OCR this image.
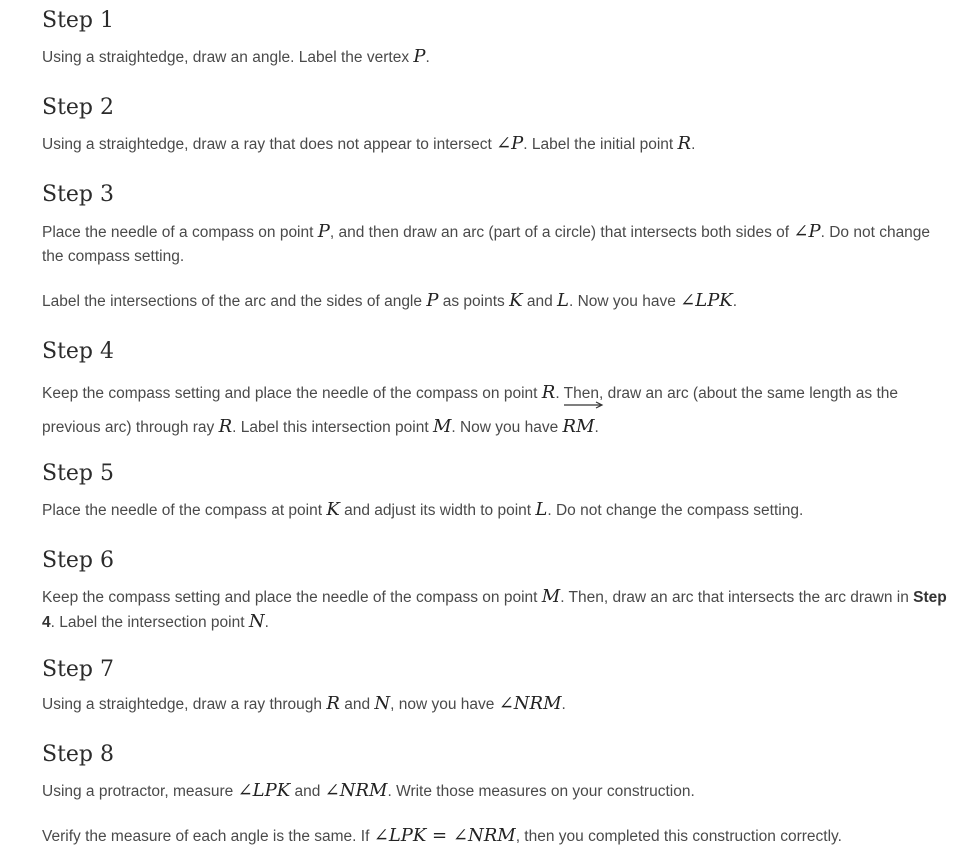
Step 1

Using a straightedge, draw an angle. Label the vertex P.

Step 2

Using a straightedge, draw a ray that does not appear to intersect ∠P. Label the initial point R.

Step 3

Place the needle of a compass on point P, and then draw an arc (part of a circle) that intersects both sides of ∠P. Do not change the compass setting.

Label the intersections of the arc and the sides of angle P as points K and L. Now you have ∠LPK.

Step 4

Keep the compass setting and place the needle of the compass on point R. Then, draw an arc (about the same length as the previous arc) through ray R. Label this intersection point M. Now you have
RM.

Step 5

Place the needle of the compass at point K and adjust its width to point L. Do not change the compass setting.

Step 6

Keep the compass setting and place the needle of the compass on point M. Then, draw an arc that intersects the arc drawn in Step 4. Label the intersection point N.

Step 7

Using a straightedge, draw a ray through R and N, now you have ∠NRM.

Step 8

Using a protractor, measure ∠LPK and ∠NRM. Write those measures on your construction.

Verify the measure of each angle is the same. If ∠LPK = ∠NRM, then you completed this construction correctly.
